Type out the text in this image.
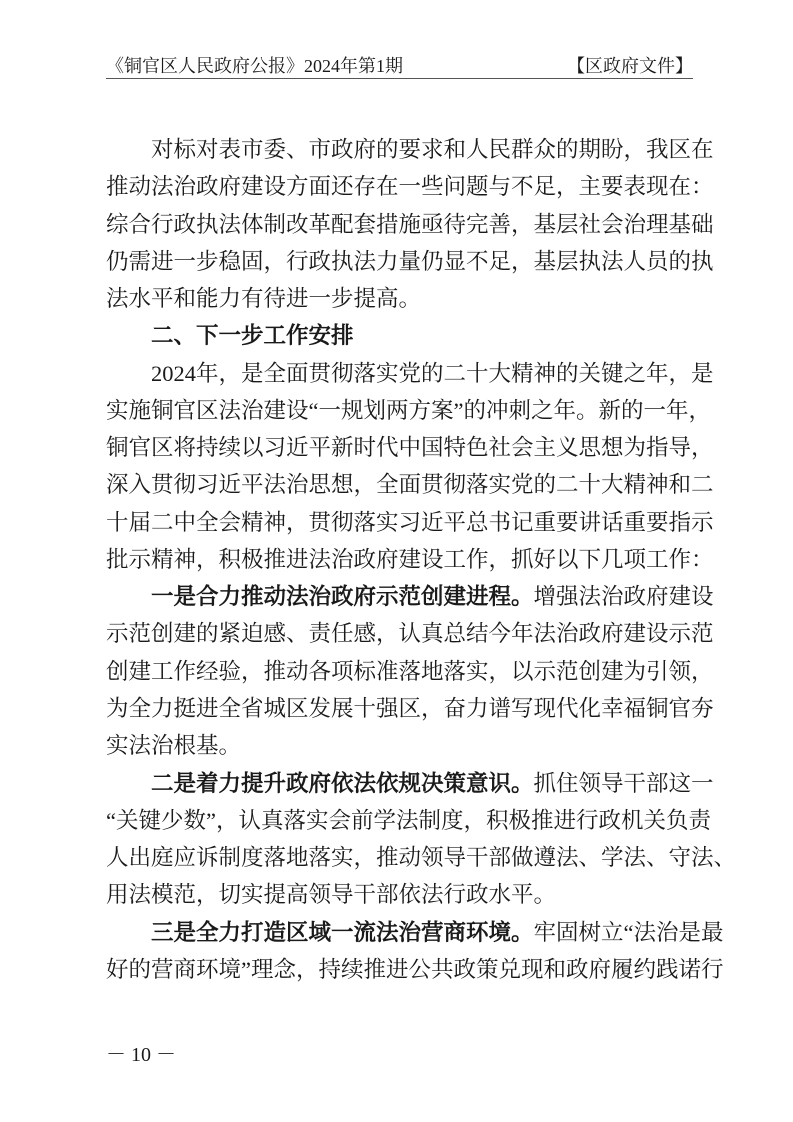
《铜官区人民政府公报》2024年第1期	【区政府文件】
对标对表市委、市政府的要求和人民群众的期盼，我区在
推动法治政府建设方面还存在一些问题与不足，主要表现在：
综合行政执法体制改革配套措施亟待完善，基层社会治理基础
仍需进一步稳固，行政执法力量仍显不足，基层执法人员的执
法水平和能力有待进一步提高。
二、下一步工作安排
2024年，是全面贯彻落实党的二十大精神的关键之年，是
实施铜官区法治建设“一规划两方案”的冲刺之年。新的一年，
铜官区将持续以习近平新时代中国特色社会主义思想为指导，
深入贯彻习近平法治思想，全面贯彻落实党的二十大精神和二
十届二中全会精神，贯彻落实习近平总书记重要讲话重要指示
批示精神，积极推进法治政府建设工作，抓好以下几项工作：
一是合力推动法治政府示范创建进程。增强法治政府建设
示范创建的紧迫感、责任感，认真总结今年法治政府建设示范
创建工作经验，推动各项标准落地落实，以示范创建为引领，
为全力挺进全省城区发展十强区，奋力谱写现代化幸福铜官夯
实法治根基。
二是着力提升政府依法依规决策意识。抓住领导干部这一
“关键少数”，认真落实会前学法制度，积极推进行政机关负责
人出庭应诉制度落地落实，推动领导干部做遵法、学法、守法、
用法模范，切实提高领导干部依法行政水平。
三是全力打造区域一流法治营商环境。牢固树立“法治是最
好的营商环境”理念，持续推进公共政策兑现和政府履约践诺行
－ 10 －
